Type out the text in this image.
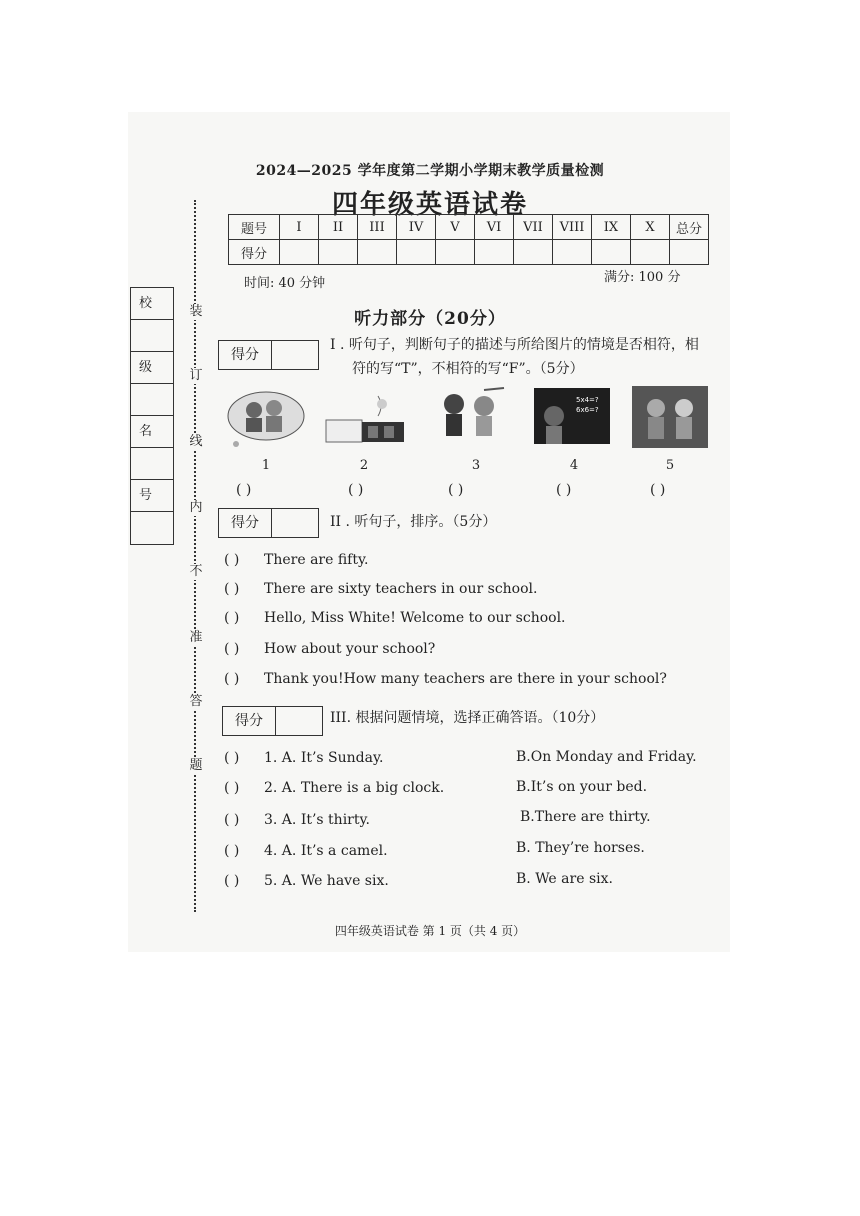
2024—2025 学年度第二学期小学期末教学质量检测
四年级英语试卷
题号	I	II	III	IV	V	VI	VII	VIII	IX	X	总分
得分											
时间: 40 分钟	满分: 100 分
校
级
名
号
装
订
线
内
不
准
答
题
听力部分（20分）
得分
I . 听句子，判断句子的描述与所给图片的情境是否相符，相
符的写“T”，不相符的写“F”。（5分）
5x4=?
6x6=?
1	2	3	4	5
( )	( )	( )	( )	( )
得分	II . 听句子，排序。（5分）
( ) There are fifty.
( ) There are sixty teachers in our school.
( ) Hello, Miss White! Welcome to our school.
( ) How about your school?
( ) Thank you!How many teachers are there in your school?
得分	III. 根据问题情境，选择正确答语。（10分）
( ) 1. A. It’s Sunday.	B.On Monday and Friday.
( ) 2. A. There is a big clock.	B.It’s on your bed.
( ) 3. A. It’s thirty.	B.There are thirty.
( ) 4. A. It’s a camel.	B. They’re horses.
( ) 5. A. We have six.	B. We are six.
四年级英语试卷 第 1 页（共 4 页）
